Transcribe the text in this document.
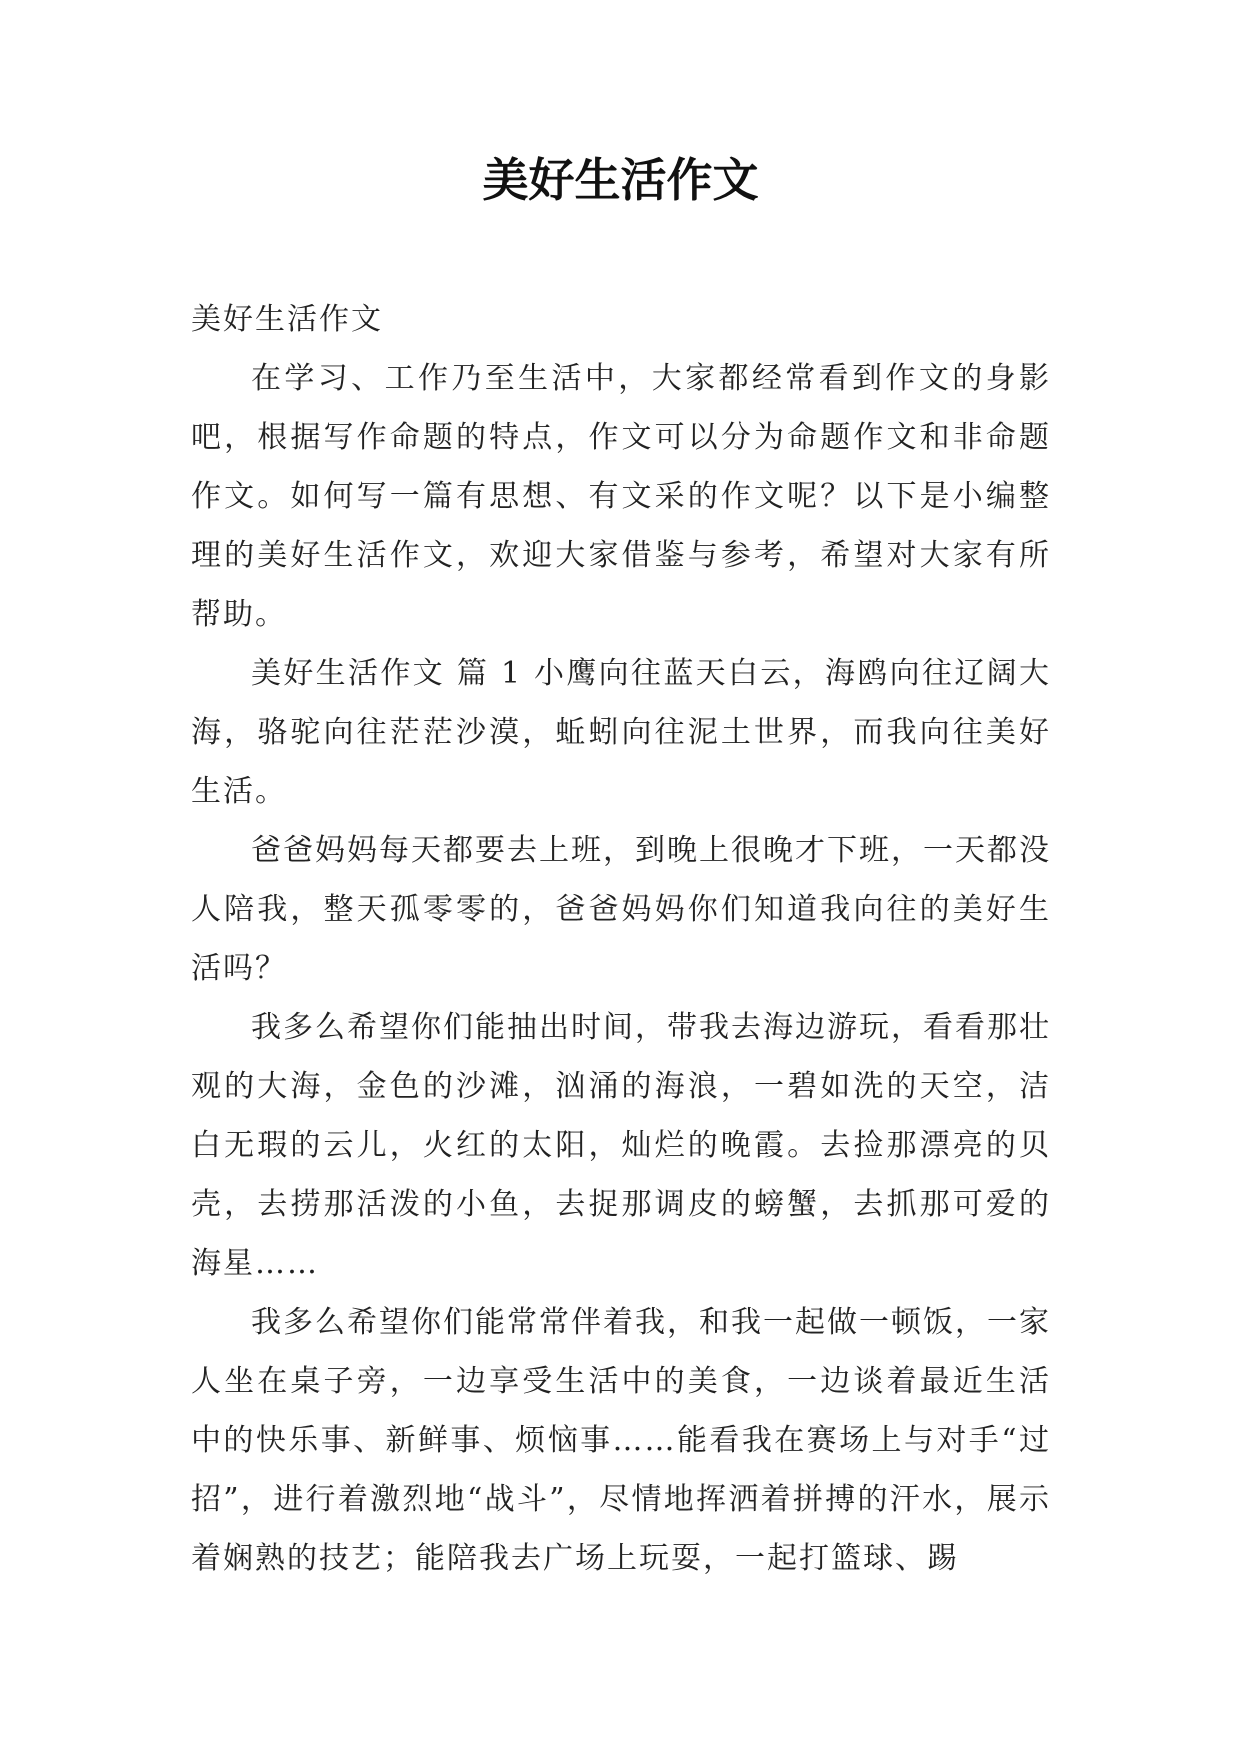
美好生活作文

美好生活作文

在学习、工作乃至生活中，大家都经常看到作文的身影吧，根据写作命题的特点，作文可以分为命题作文和非命题作文。如何写一篇有思想、有文采的作文呢？以下是小编整理的美好生活作文，欢迎大家借鉴与参考，希望对大家有所帮助。

美好生活作文 篇 1 小鹰向往蓝天白云，海鸥向往辽阔大海，骆驼向往茫茫沙漠，蚯蚓向往泥土世界，而我向往美好生活。

爸爸妈妈每天都要去上班，到晚上很晚才下班，一天都没人陪我，整天孤零零的，爸爸妈妈你们知道我向往的美好生活吗？

我多么希望你们能抽出时间，带我去海边游玩，看看那壮观的大海，金色的沙滩，汹涌的海浪，一碧如洗的天空，洁白无瑕的云儿，火红的太阳，灿烂的晚霞。去捡那漂亮的贝壳，去捞那活泼的小鱼，去捉那调皮的螃蟹，去抓那可爱的海星……

我多么希望你们能常常伴着我，和我一起做一顿饭，一家人坐在桌子旁，一边享受生活中的美食，一边谈着最近生活中的快乐事、新鲜事、烦恼事……能看我在赛场上与对手“过招”，进行着激烈地“战斗”，尽情地挥洒着拼搏的汗水，展示着娴熟的技艺；能陪我去广场上玩耍，一起打篮球、踢
